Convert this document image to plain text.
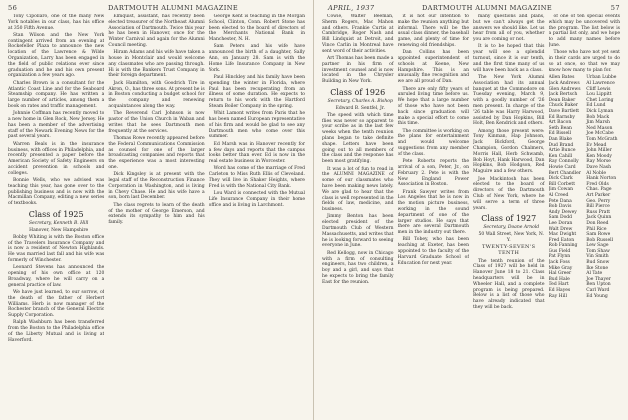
56	DARTMOUTH ALUMNI MAGAZINE

Tony Cipollaro, one of the many New York notables in our class, has his office at 350 Fifth Avenue.

Stan Wilson and the New York contingent arrived from an evening at Rockefeller Plaza to announce the new location of the Lawrence & Wilde Organization, Larry has been engaged in the field of public relations ever since graduation and he and his own present organization a few years ago.

Charles Brown is a consultant for the Atlantic Coast Line and for the Seaboard Steamship company. He has written a large number of articles, among them a book on rates and traffic management.

Johnnie Coffman has recently moved to a new home in Glen Rock, New Jersey. He has been a member of the advertising staff of the Newark Evening News for the past several years.

Warren Beals is in the insurance business, with offices in Philadelphia, and recently presented a paper before the American Society of Safety Engineers on accident prevention in schools and colleges.

Bonnie Wells, who we advised was teaching this year, has gone over to the publishing business and is now with the Macmillan Company, editing a new series of textbooks.

Class of 1925

Secretary, Kenneth B. Hill

Hanover, New Hampshire

Bobby Whiting is with the Boston office of the Travelers Insurance Company and is now a resident of Newton Highlands. He was married last fall and his wife was formerly of Winchester.

Leonard Stevens has announced the opening of his own office at 120 Broadway, where he will carry on a general practice of law.

We have just learned, to our sorrow, of the death of the father of Herbert Williams. Herb is now manager of the Rochester branch of the General Electric Supply Corporation.

Ralph Washburn has been transferred from the Boston to the Philadelphia office of the Liberty Mutual and is living at Haverford.

Elmquist, assistant, has recently been elected treasurer of the Northeast Alumni Association of Dartmouth. Twice this year he has been in Hanover, once for the Winter Carnival and again for the Alumni Council meeting.

Hiram Adams and his wife have taken a house in Montclair and would welcome any classmates who are passing through. Hi is with the Bankers Trust Company in their foreign department.

Jack Hamilton, with Goodrich Tire in Akron, O., has three sons. At present he is in Boston conducting a budget school for the company and renewing acquaintances along the way.

The Reverend Carl Johnson is now pastor of the Union Church in Waban and writes that he sees Dartmouth men frequently at the services.

Thomas Rowe recently appeared before the Federal Communications Commission as counsel for one of the larger broadcasting companies and reports that the experience was a most interesting one.

Dick Kingsley is at present with the legal staff of the Reconstruction Finance Corporation in Washington, and is living in Chevy Chase. He and his wife have a son, born last December.

The class regrets to learn of the death of the mother of George Emerson, and extends its sympathy to him and his family.

George Kent is teaching in the Morgan School, Clinton, Conn. Robert Stone has been elected to the board of directors of the Merchants National Bank in Manchester, N. H.

Sam Peters and his wife have announced the birth of a daughter, Sally Ann, on January 28. Sam is with the Home Life Insurance Company in New York.

Paul Hinckley and his family have been spending the winter in Florida, where Paul has been recuperating from an illness of some duration. He expects to return to his work with the Hartford Steam Boiler Company in the spring.

Whit Lamont writes from Paris that he has been named European representative of his firm and would be glad to see any Dartmouth men who come over this summer.

Ed Marsh was in Hanover recently for a few days and reports that the campus looks better than ever. Ed is now in the real estate business in Worcester.

Word has come of the marriage of Fred Carleton to Miss Ruth Ellis of Cleveland. They will live in Shaker Heights, where Fred is with the National City Bank.

Lou Ward is connected with the Mutual Life Insurance Company in their home office and is living in Larchmont.

APRIL, 1937	DARTMOUTH ALUMNI MAGAZINE	57

Cowie, Walter Beeman, Sherm Rogers, Mac Mahon and others. Frankie Curtis at Cambridge, Roger Nash and Bill Lindquist at Detroit, and Vince Carlin in Montreal have sent word of their activities.

Art Thomas has been made a partner in his firm of investment counsel and is now located in the Chrysler Building in New York.

Class of 1926

Secretary, Charles A. Bishop

Edward B. Sentfel, Jr.

The speed with which time flies was never so apparent to your scribe as in the last few weeks when the tenth reunion plans began to take definite shape. Letters have been going out to all members of the class and the response has been most gratifying.

It was a lot of fun to read in the ALUMNI MAGAZINE of some of our classmates who have been making news lately. We are glad to hear that the class is well represented in the fields of law, medicine, and business.

Jimmy Benton has been elected president of the Dartmouth Club of Western Massachusetts, and writes that he is looking forward to seeing everyone in June.

Red Kellogg, now in Chicago with a firm of consulting engineers, has two children, a boy and a girl, and says that he expects to bring the family East for the reunion.

it is not our intention to make the reunion anything but informal. There will be the usual class dinner, the baseball game, and plenty of time for renewing old friendships.

Dan Collins has been appointed superintendent of schools at Keene, New Hampshire. This is an unusually fine recognition and we are all proud of Dan.

There are only fifty years of unruled living time before us. We hope that a large number of those who have not been back since graduation will make a special effort to come this time.

The committee is working on the plans for entertainment and would welcome suggestions from any member of the class.

Pete Roberts reports the arrival of a son, Peter, Jr., on February 2. Pete is with the New England Power Association in Boston.

Frank Sawyer writes from Los Angeles that he is now in the motion picture business, working in the sound department of one of the larger studios. He says that there are several Dartmouth men in the industry out there.

Bill Tobey, who has been teaching at Exeter, has been appointed to the faculty of the Harvard Graduate School of Education for next year.

many questions and plans, but we can't always get the answers we should like. Let us hear from all of you, whether you are coming or not.

It is to be hoped that this year will see a splendid turnout, since it is our tenth, and the first time many of us will have been back as a class.

The New York Alumni Association had its annual banquet at the Commodore on Tuesday evening, March 9, with a goodly number of '26 men present. In charge of the '26 table was Harry Harwood, assisted by Dan Hopkins, Bill Holt, Ben Kendrick and others.

Among those present were: Tony Kinman, Hap Johnson, Jack Bickford, George Champion, Gordon Chalmers, Morris Hall, Herb Schwamb, Bob Hoyt, Hank Harwood, Dan Hopkins, Bob Hodgson, Red Maguire and a few others.

Joe Mackintosh has been elected to the board of directors of the Dartmouth Club of New York, where he will serve a term of three years.

Class of 1927

Secretary, Doane Arnold

50 Wall Street, New York, N. Y.

TWENTY-SEVEN'S TENTH

The tenth reunion of the Class of 1927 will be held in Hanover June 18 to 21. Class headquarters will be in Wheeler Hall, and a complete program is being prepared. Below is a list of those who have already indicated that they will be back.

of one of ten special events which may be uncovered with the program. The list below is a partial list only, and we hope to add many names before June.

Those who have not yet sent in their cards are urged to do so at once, so that we may know how many to plan for.

Allen Bates
Jack Andrews
Glen Andrews
Jack Bertsch
Dean Baker
Chuck Baker
Dave Bartlett
Ed Barnsby
Art Bacon
Seth Bean
Ed Bissell
Dan Blake
Dud Brand
Artie Bunce
Ken Cahill
Ray Connolly
Howie Card
Bert Chandler
Dick Clark
Bill Corbett
Jim Cowan
Al Creed
Pete Dana
Bob Davis
Andy Dewey
Sam Dodd
Lee Doran
Walt Drew
Mac Dwight
Fred Eaton
Rob Fanning
Gus Field
Pat Flynn
Jack Foss
Mike Gray
Hal Greer
Bud Hale
Ted Hart
Ed Hayes
Ray Hill
Urban Lubbe
Al Lawrence
Cliff Lewis
Lou Lippitt
Chet Loring
Ed Lund
Dick Lyman
Bob Mack
Jim Marsh
Ned Mason
Joe McCabe
Tom McGrath
Ev Mead
John Miller
Ken Moody
Ray Morse
Dave Nash
Al Noble
Hank Norton
Fred Olds
Chas. Page
Art Parker
Geo. Perry
Bill Pierce
Russ Pratt
Jack Quinn
Don Reed
Phil Rice
Sam Rowe
Bob Russell
Lew Sage
Tom Shaw
Vin Smith
Bud Snow
Ike Stone
Al Tate
Joe Thayer
Ben Upton
Carl Ward
Ed Young
